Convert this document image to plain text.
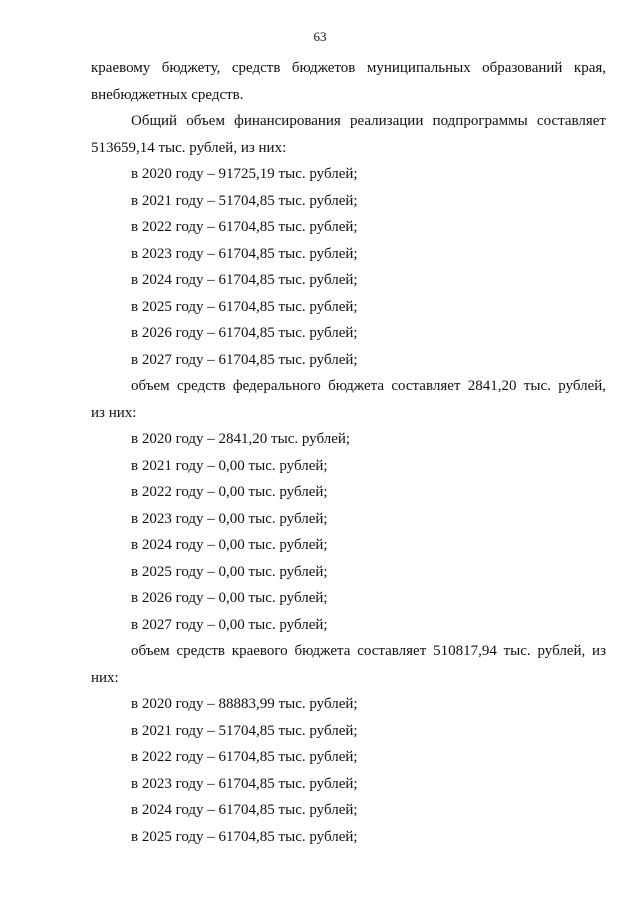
63
краевому бюджету, средств бюджетов муниципальных образований края,
внебюджетных средств.
Общий объем финансирования реализации подпрограммы составляет
513659,14 тыс. рублей, из них:
в 2020 году – 91725,19 тыс. рублей;
в 2021 году – 51704,85 тыс. рублей;
в 2022 году – 61704,85 тыс. рублей;
в 2023 году – 61704,85 тыс. рублей;
в 2024 году – 61704,85 тыс. рублей;
в 2025 году – 61704,85 тыс. рублей;
в 2026 году – 61704,85 тыс. рублей;
в 2027 году – 61704,85 тыс. рублей;
объем средств федерального бюджета составляет 2841,20 тыс. рублей,
из них:
в 2020 году – 2841,20 тыс. рублей;
в 2021 году – 0,00 тыс. рублей;
в 2022 году – 0,00 тыс. рублей;
в 2023 году – 0,00 тыс. рублей;
в 2024 году – 0,00 тыс. рублей;
в 2025 году – 0,00 тыс. рублей;
в 2026 году – 0,00 тыс. рублей;
в 2027 году – 0,00 тыс. рублей;
объем средств краевого бюджета составляет 510817,94 тыс. рублей, из
них:
в 2020 году – 88883,99 тыс. рублей;
в 2021 году – 51704,85 тыс. рублей;
в 2022 году – 61704,85 тыс. рублей;
в 2023 году – 61704,85 тыс. рублей;
в 2024 году – 61704,85 тыс. рублей;
в 2025 году – 61704,85 тыс. рублей;
